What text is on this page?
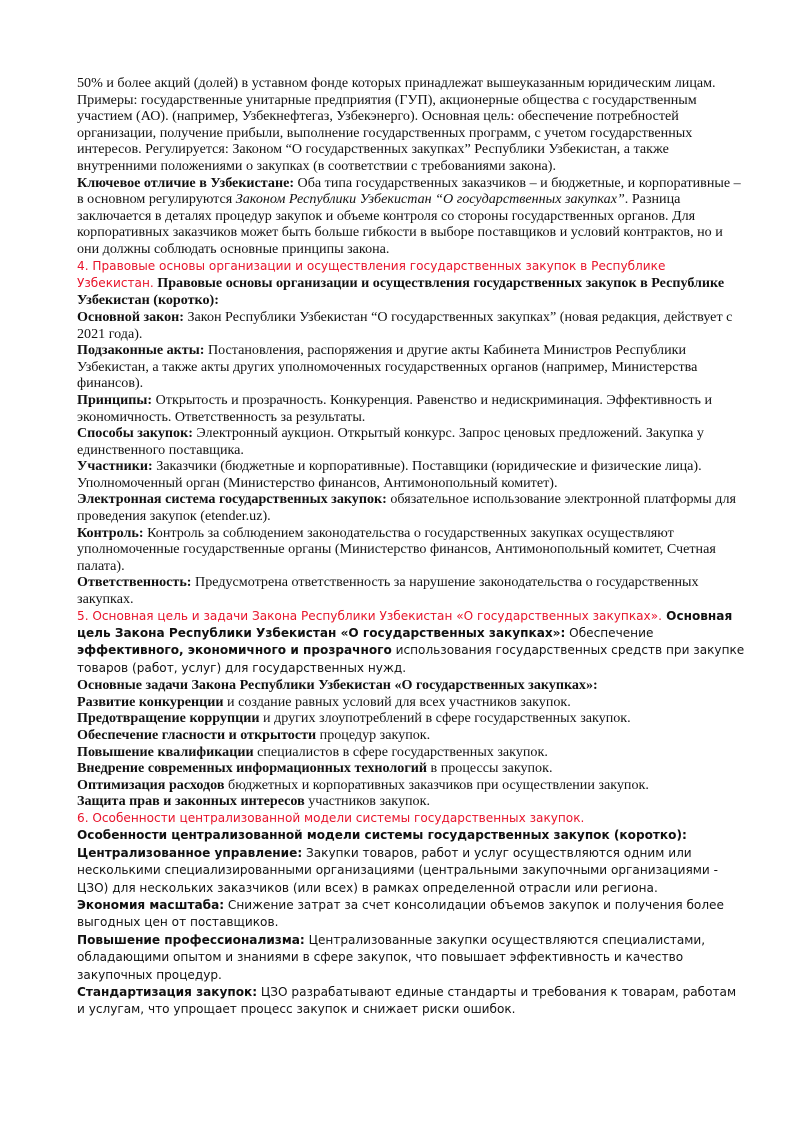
50% и более акций (долей) в уставном фонде которых принадлежат вышеуказанным юридическим лицам. Примеры: государственные унитарные предприятия (ГУП), акционерные общества с государственным участием (АО). (например, Узбекнефтегаз, Узбекэнерго). Основная цель: обеспечение потребностей организации, получение прибыли, выполнение государственных программ, с учетом государственных интересов. Регулируется: Законом “О государственных закупках” Республики Узбекистан, а также внутренними положениями о закупках (в соответствии с требованиями закона).

Ключевое отличие в Узбекистане: Оба типа государственных заказчиков – и бюджетные, и корпоративные – в основном регулируются Законом Республики Узбекистан “О государственных закупках”. Разница заключается в деталях процедур закупок и объеме контроля со стороны государственных органов. Для корпоративных заказчиков может быть больше гибкости в выборе поставщиков и условий контрактов, но и они должны соблюдать основные принципы закона.

4. Правовые основы организации и осуществления государственных закупок в Республике Узбекистан. Правовые основы организации и осуществления государственных закупок в Республике Узбекистан (коротко):

Основной закон: Закон Республики Узбекистан “О государственных закупках” (новая редакция, действует с 2021 года).

Подзаконные акты: Постановления, распоряжения и другие акты Кабинета Министров Республики Узбекистан, а также акты других уполномоченных государственных органов (например, Министерства финансов).

Принципы: Открытость и прозрачность. Конкуренция. Равенство и недискриминация. Эффективность и экономичность. Ответственность за результаты.

Способы закупок: Электронный аукцион. Открытый конкурс. Запрос ценовых предложений. Закупка у единственного поставщика.

Участники: Заказчики (бюджетные и корпоративные). Поставщики (юридические и физические лица). Уполномоченный орган (Министерство финансов, Антимонопольный комитет).

Электронная система государственных закупок: обязательное использование электронной платформы для проведения закупок (etender.uz).

Контроль: Контроль за соблюдением законодательства о государственных закупках осуществляют уполномоченные государственные органы (Министерство финансов, Антимонопольный комитет, Счетная палата).

Ответственность: Предусмотрена ответственность за нарушение законодательства о государственных закупках.

5. Основная цель и задачи Закона Республики Узбекистан «О государственных закупках». Основная цель Закона Республики Узбекистан «О государственных закупках»: Обеспечение эффективного, экономичного и прозрачного использования государственных средств при закупке товаров (работ, услуг) для государственных нужд.

Основные задачи Закона Республики Узбекистан «О государственных закупках»:

Развитие конкуренции и создание равных условий для всех участников закупок.

Предотвращение коррупции и других злоупотреблений в сфере государственных закупок.

Обеспечение гласности и открытости процедур закупок.

Повышение квалификации специалистов в сфере государственных закупок.

Внедрение современных информационных технологий в процессы закупок.

Оптимизация расходов бюджетных и корпоративных заказчиков при осуществлении закупок.

Защита прав и законных интересов участников закупок.

6. Особенности централизованной модели системы государственных закупок.

Особенности централизованной модели системы государственных закупок (коротко):

Централизованное управление: Закупки товаров, работ и услуг осуществляются одним или несколькими специализированными организациями (центральными закупочными организациями - ЦЗО) для нескольких заказчиков (или всех) в рамках определенной отрасли или региона.

Экономия масштаба: Снижение затрат за счет консолидации объемов закупок и получения более выгодных цен от поставщиков.

Повышение профессионализма: Централизованные закупки осуществляются специалистами, обладающими опытом и знаниями в сфере закупок, что повышает эффективность и качество закупочных процедур.

Стандартизация закупок: ЦЗО разрабатывают единые стандарты и требования к товарам, работам и услугам, что упрощает процесс закупок и снижает риски ошибок.
